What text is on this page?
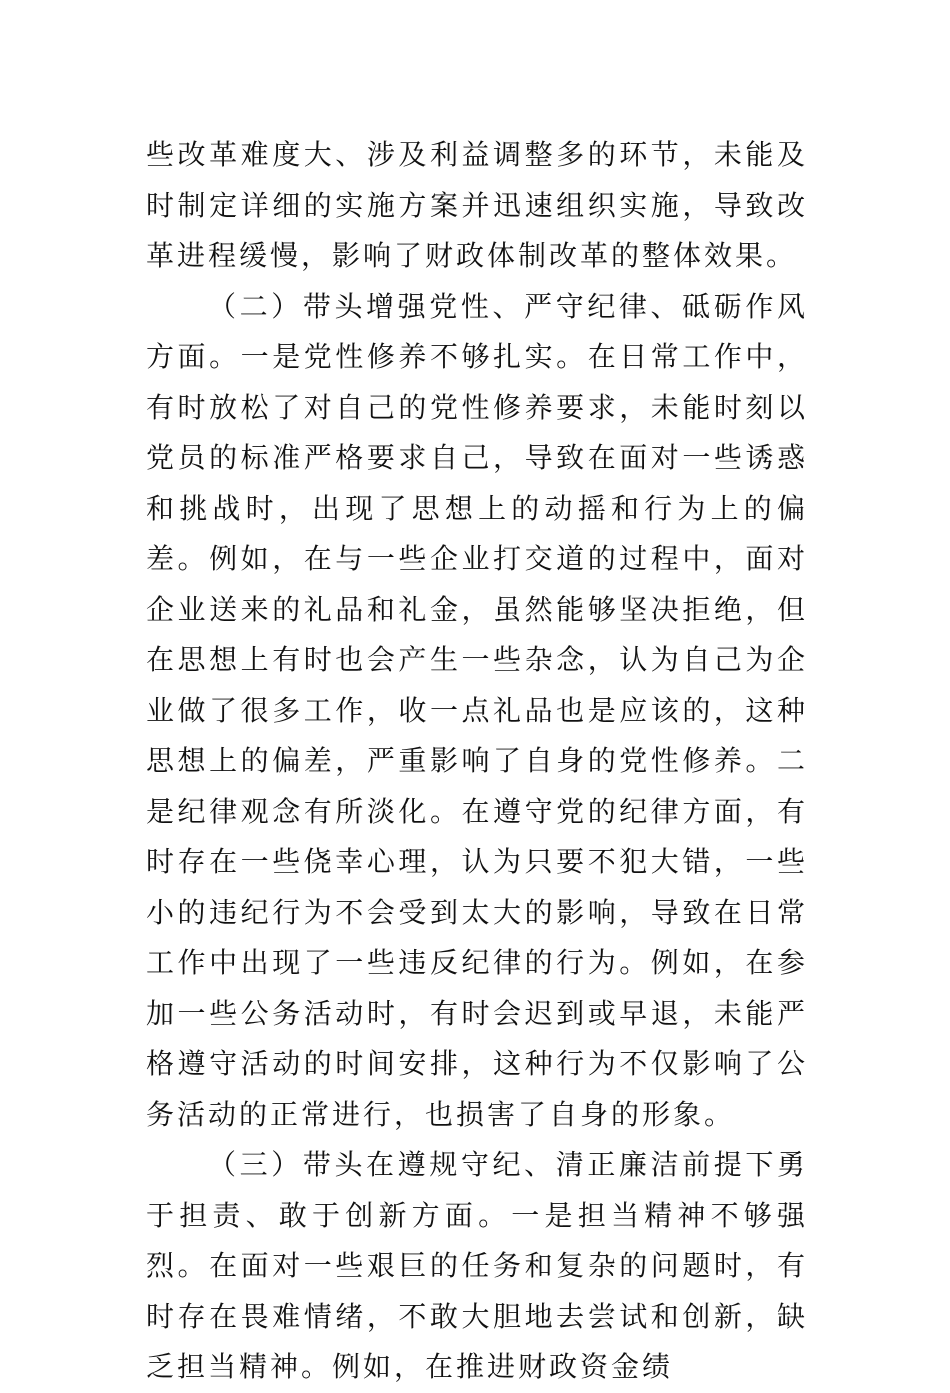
些改革难度大、涉及利益调整多的环节，未能及时制定详细的实施方案并迅速组织实施，导致改革进程缓慢，影响了财政体制改革的整体效果。

（二）带头增强党性、严守纪律、砥砺作风方面。一是党性修养不够扎实。在日常工作中，有时放松了对自己的党性修养要求，未能时刻以党员的标准严格要求自己，导致在面对一些诱惑和挑战时，出现了思想上的动摇和行为上的偏差。例如，在与一些企业打交道的过程中，面对企业送来的礼品和礼金，虽然能够坚决拒绝，但在思想上有时也会产生一些杂念，认为自己为企业做了很多工作，收一点礼品也是应该的，这种思想上的偏差，严重影响了自身的党性修养。二是纪律观念有所淡化。在遵守党的纪律方面，有时存在一些侥幸心理，认为只要不犯大错，一些小的违纪行为不会受到太大的影响，导致在日常工作中出现了一些违反纪律的行为。例如，在参加一些公务活动时，有时会迟到或早退，未能严格遵守活动的时间安排，这种行为不仅影响了公务活动的正常进行，也损害了自身的形象。

（三）带头在遵规守纪、清正廉洁前提下勇于担责、敢于创新方面。一是担当精神不够强烈。在面对一些艰巨的任务和复杂的问题时，有时存在畏难情绪，不敢大胆地去尝试和创新，缺乏担当精神。例如，在推进财政资金绩
